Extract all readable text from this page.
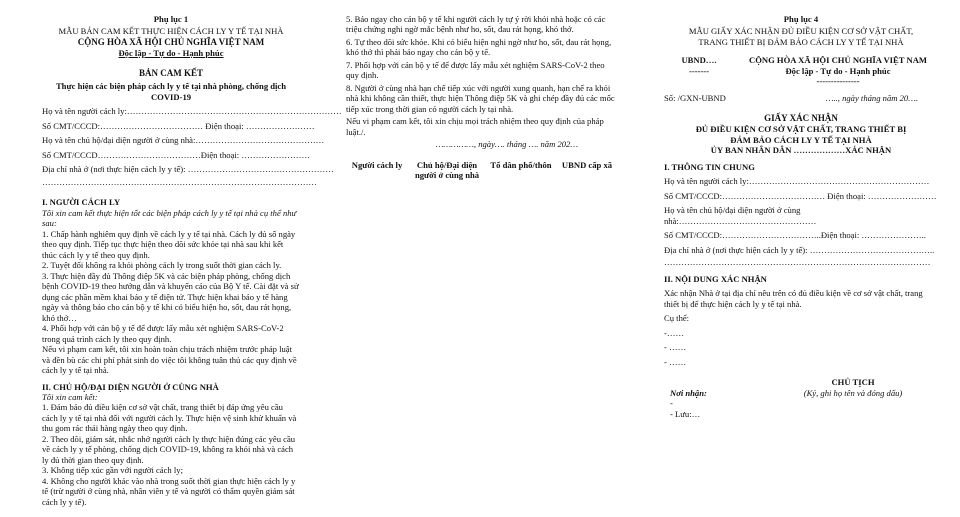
Phụ lục 1

MẪU BẢN CAM KẾT THỰC HIỆN CÁCH LY Y TẾ TẠI NHÀ

CỘNG HÒA XÃ HỘI CHỦ NGHĨA VIỆT NAM

Độc lập - Tự do - Hạnh phúc

BẢN CAM KẾT

Thực hiện các biện pháp cách ly y tế tại nhà phòng, chống dịch COVID-19

Họ và tên người cách ly:…………………………………………………………………

Số CMT/CCCD:……………………………… Điện thoại: ……………………

Họ và tên chủ hộ/đại diện người ở cùng nhà:………………………………………

Số CMT/CCCD………………………………Điện thoại: ……………………

Địa chỉ nhà ở (nơi thực hiện cách ly y tế): ……………………………………………

……………………………………………………………………………………

I. NGƯỜI CÁCH LY

Tôi xin cam kết thực hiện tốt các biện pháp cách ly y tế tại nhà cụ thể như sau:

1. Chấp hành nghiêm quy định về cách ly y tế tại nhà. Cách ly đủ số ngày theo quy định. Tiếp tục thực hiện theo dõi sức khỏe tại nhà sau khi kết thúc cách ly y tế theo quy định.

2. Tuyệt đối không ra khỏi phòng cách ly trong suốt thời gian cách ly.

3. Thực hiện đầy đủ Thông điệp 5K và các biện pháp phòng, chống dịch bệnh COVID-19 theo hướng dẫn và khuyến cáo của Bộ Y tế. Cài đặt và sử dụng các phần mềm khai báo y tế điện tử. Thực hiện khai báo y tế hàng ngày và thông báo cho cán bộ y tế khi có biểu hiện ho, sốt, đau rát họng, khó thở…

4. Phối hợp với cán bộ y tế để được lấy mẫu xét nghiệm SARS-CoV-2 trong quá trình cách ly theo quy định.

Nếu vi phạm cam kết, tôi xin hoàn toàn chịu trách nhiệm trước pháp luật và đền bù các chi phí phát sinh do việc tôi không tuân thủ các quy định về cách ly y tế tại nhà.

II. CHỦ HỘ/ĐẠI DIỆN NGƯỜI Ở CÙNG NHÀ

Tôi xin cam kết:

1. Đảm bảo đủ điều kiện cơ sở vật chất, trang thiết bị đáp ứng yêu cầu cách ly y tế tại nhà đối với người cách ly. Thực hiện vệ sinh khử khuẩn và thu gom rác thải hàng ngày theo quy định.

2. Theo dõi, giám sát, nhắc nhở người cách ly thực hiện đúng các yêu cầu về cách ly y tế phòng, chống dịch COVID-19, không ra khỏi nhà và cách ly đủ thời gian theo quy định.

3. Không tiếp xúc gần với người cách ly;

4. Không cho người khác vào nhà trong suốt thời gian thực hiện cách ly y tế (trừ người ở cùng nhà, nhân viên y tế và người có thẩm quyền giám sát cách ly y tế).

5. Báo ngay cho cán bộ y tế khi người cách ly tự ý rời khỏi nhà hoặc có các triệu chứng nghi ngờ mắc bệnh như ho, sốt, đau rát họng, khó thở.

6. Tự theo dõi sức khỏe. Khi có biểu hiện nghi ngờ như ho, sốt, đau rát họng, khó thở thì phải báo ngay cho cán bộ y tế.

7. Phối hợp với cán bộ y tế để được lấy mẫu xét nghiệm SARS-CoV-2 theo quy định.

8. Người ở cùng nhà hạn chế tiếp xúc với người xung quanh, hạn chế ra khỏi nhà khi không cần thiết, thực hiện Thông điệp 5K và ghi chép đầy đủ các mốc tiếp xúc trong thời gian có người cách ly tại nhà.

Nếu vi phạm cam kết, tôi xin chịu mọi trách nhiệm theo quy định của pháp luật./.

……………, ngày…. tháng …. năm 202…

Người cách ly	Chủ hộ/Đại diện người ở cùng nhà
Tổ dân phố/thôn	UBND cấp xã

Phụ lục 4

MẪU GIẤY XÁC NHẬN ĐỦ ĐIỀU KIỆN CƠ SỞ VẬT CHẤT, TRANG THIẾT BỊ ĐẢM BẢO CÁCH LY Y TẾ TẠI NHÀ

UBND….

-------

CỘNG HÒA XÃ HỘI CHỦ NGHĨA VIỆT NAM

Độc lập - Tự do - Hạnh phúc

---------------

Số: /GXN-UBND	….., ngày tháng năm 20….

GIẤY XÁC NHẬN

ĐỦ ĐIỀU KIỆN CƠ SỞ VẬT CHẤT, TRANG THIẾT BỊ ĐẢM BẢO CÁCH LY Y TẾ TẠI NHÀ

ỦY BAN NHÂN DÂN ………………XÁC NHẬN

I. THÔNG TIN CHUNG

Họ và tên người cách ly:………………………………………………………

Số CMT/CCCD:……………………………… Điện thoại: ……………………

Họ và tên chủ hộ/đại diện người ở cùng nhà:…………………………………………

Số CMT/CCCD:……………………………..Điện thoại: …………………..

Địa chỉ nhà ở (nơi thực hiện cách ly y tế): ……………………………………..

…………………………………………………………………………………

II. NỘI DUNG XÁC NHẬN

Xác nhận Nhà ở tại địa chỉ nêu trên có đủ điều kiện về cơ sở vật chất, trang thiết bị để thực hiện cách ly y tế tại nhà.

Cụ thể:

-……

- ……

- ……

Nơi nhận:

-

- Lưu:…

CHỦ TỊCH

(Ký, ghi họ tên và đóng dấu)
